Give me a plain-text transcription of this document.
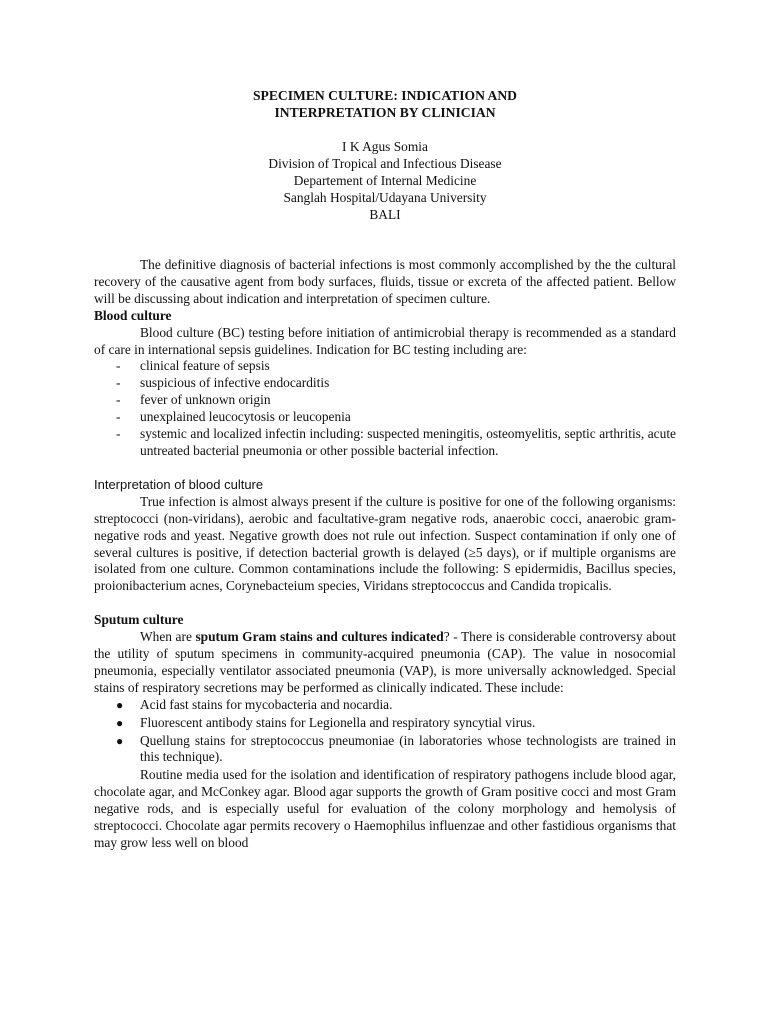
SPECIMEN CULTURE: INDICATION AND
INTERPRETATION BY CLINICIAN
I K Agus Somia
Division of Tropical and Infectious Disease
Departement of Internal Medicine
Sanglah Hospital/Udayana University
BALI

The definitive diagnosis of bacterial infections is most commonly accomplished by the the cultural recovery of the causative agent from body surfaces, fluids, tissue or excreta of the affected patient. Bellow will be discussing about indication and interpretation of specimen culture.

Blood culture

Blood culture (BC) testing before initiation of antimicrobial therapy is recommended as a standard of care in international sepsis guidelines. Indication for BC testing including are:

- clinical feature of sepsis
- suspicious of infective endocarditis
- fever of unknown origin
- unexplained leucocytosis or leucopenia
- systemic and localized infectin including: suspected meningitis, osteomyelitis, septic arthritis, acute untreated bacterial pneumonia or other possible bacterial infection.
Interpretation of blood culture

True infection is almost always present if the culture is positive for one of the following organisms: streptococci (non-viridans), aerobic and facultative-gram negative rods, anaerobic cocci, anaerobic gram-negative rods and yeast. Negative growth does not rule out infection. Suspect contamination if only one of several cultures is positive, if detection bacterial growth is delayed (≥5 days), or if multiple organisms are isolated from one culture. Common contaminations include the following: S epidermidis, Bacillus species, proionibacterium acnes, Corynebacteium species, Viridans streptococcus and Candida tropicalis.

Sputum culture

When are sputum Gram stains and cultures indicated? - There is considerable controversy about the utility of sputum specimens in community-acquired pneumonia (CAP). The value in nosocomial pneumonia, especially ventilator associated pneumonia (VAP), is more universally acknowledged. Special stains of respiratory secretions may be performed as clinically indicated. These include:

● Acid fast stains for mycobacteria and nocardia.
● Fluorescent antibody stains for Legionella and respiratory syncytial virus.
● Quellung stains for streptococcus pneumoniae (in laboratories whose technologists are trained in this technique).

Routine media used for the isolation and identification of respiratory pathogens include blood agar, chocolate agar, and McConkey agar. Blood agar supports the growth of Gram positive cocci and most Gram negative rods, and is especially useful for evaluation of the colony morphology and hemolysis of streptococci. Chocolate agar permits recovery o Haemophilus influenzae and other fastidious organisms that may grow less well on blood
